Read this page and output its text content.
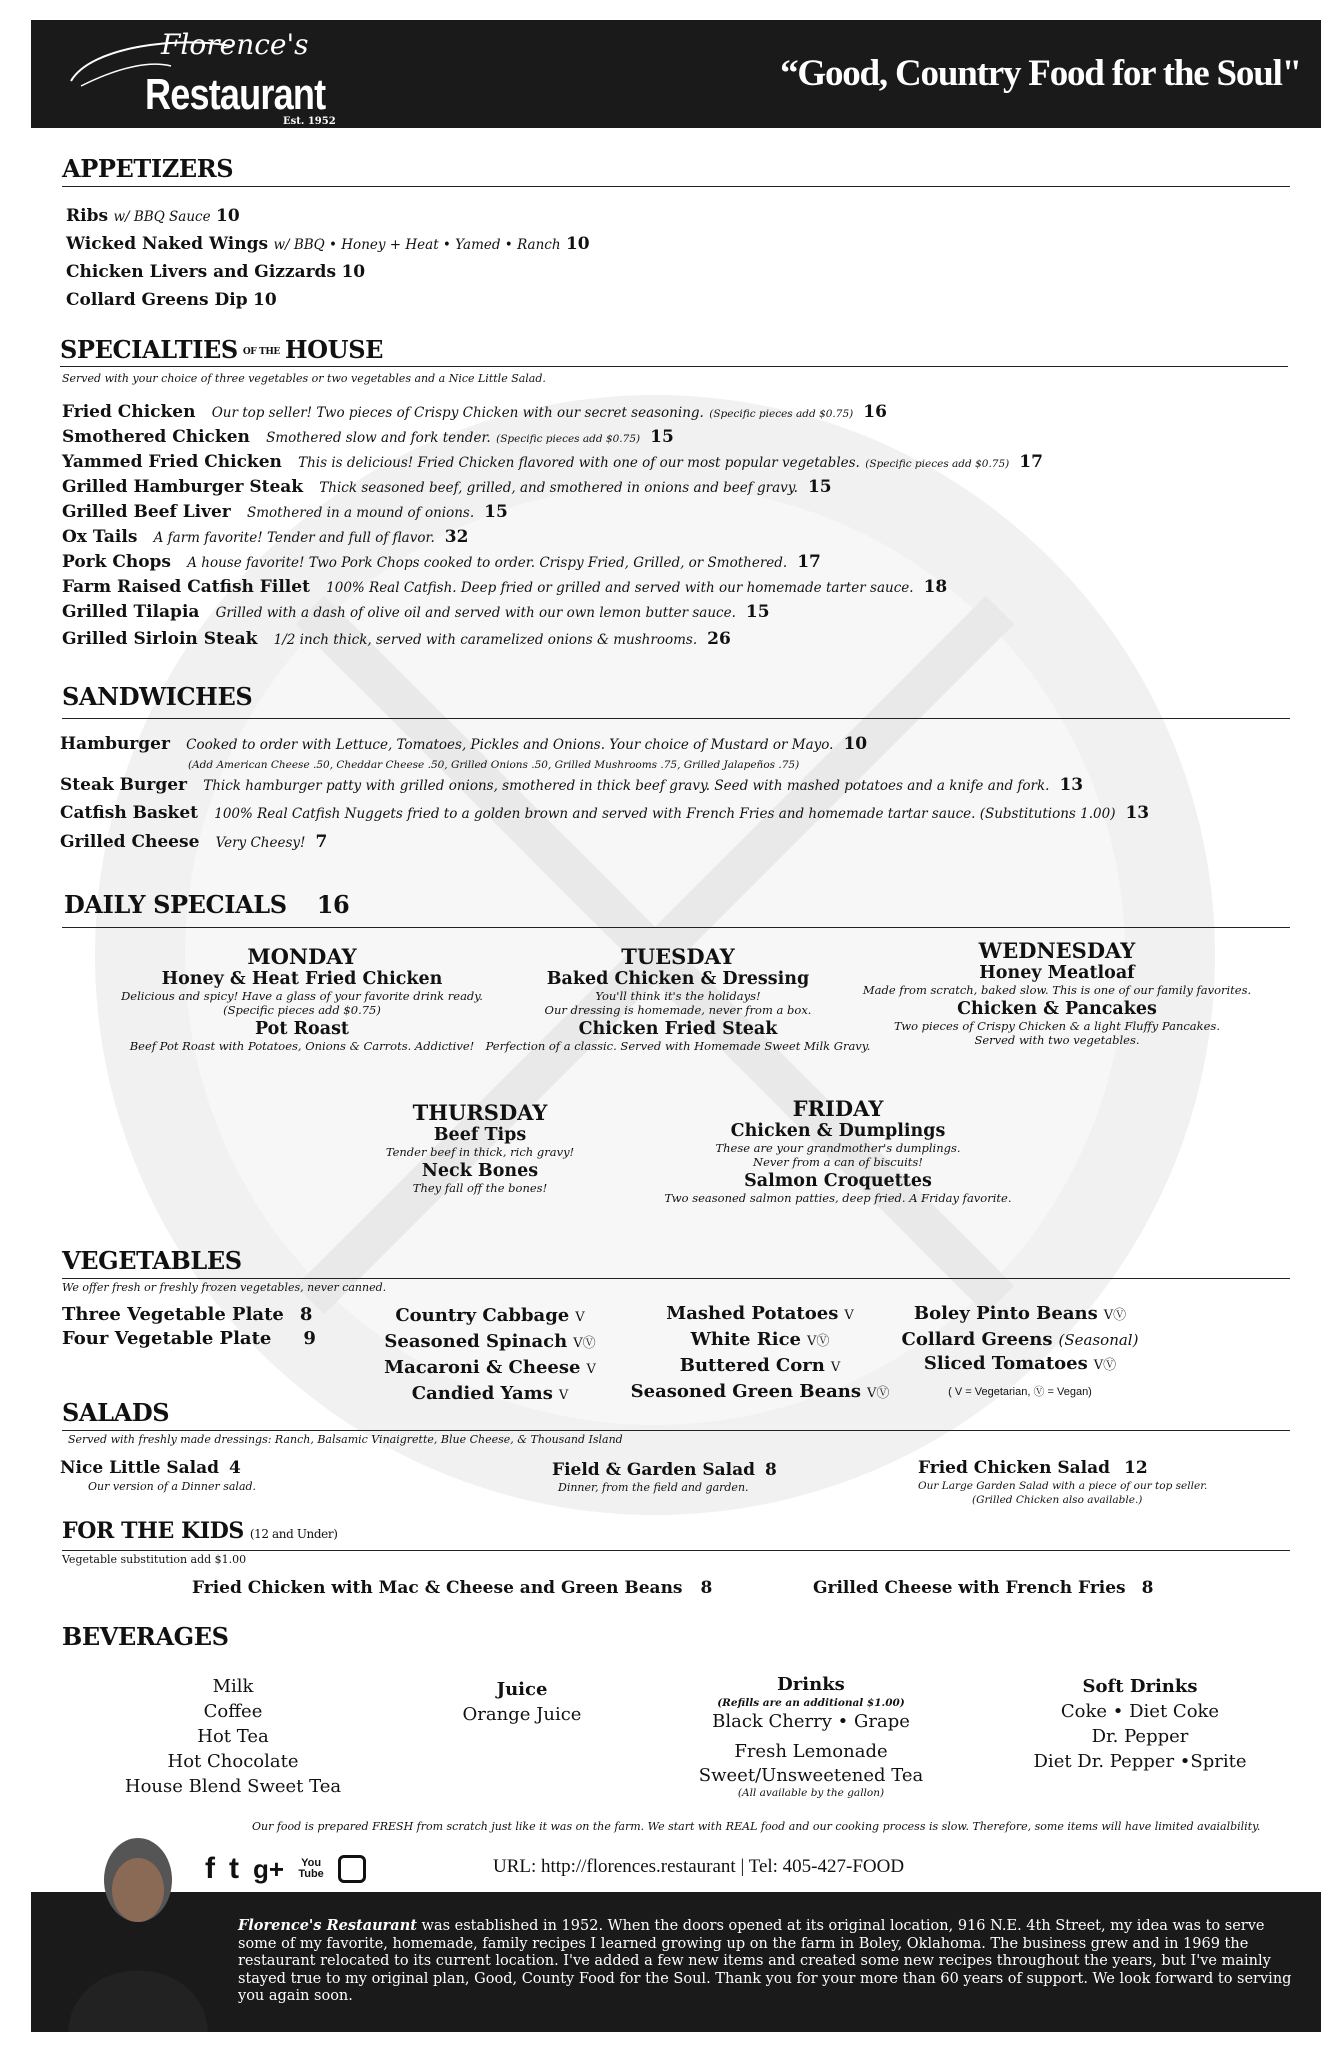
Florence's
Restaurant
Est. 1952
“Good, Country Food for the Soul"
APPETIZERS
Ribs w/ BBQ Sauce 10
Wicked Naked Wings w/ BBQ • Honey + Heat • Yamed • Ranch 10
Chicken Livers and Gizzards 10
Collard Greens Dip 10
SPECIALTIES OF THE HOUSE
Served with your choice of three vegetables or two vegetables and a Nice Little Salad.
Fried Chicken Our top seller! Two pieces of Crispy Chicken with our secret seasoning. (Specific pieces add $0.75) 16
Smothered Chicken Smothered slow and fork tender. (Specific pieces add $0.75) 15
Yammed Fried Chicken This is delicious! Fried Chicken flavored with one of our most popular vegetables. (Specific pieces add $0.75) 17
Grilled Hamburger Steak Thick seasoned beef, grilled, and smothered in onions and beef gravy. 15
Grilled Beef Liver Smothered in a mound of onions. 15
Ox Tails A farm favorite! Tender and full of flavor. 32
Pork Chops A house favorite! Two Pork Chops cooked to order. Crispy Fried, Grilled, or Smothered. 17
Farm Raised Catfish Fillet 100% Real Catfish. Deep fried or grilled and served with our homemade tarter sauce. 18
Grilled Tilapia Grilled with a dash of olive oil and served with our own lemon butter sauce. 15
Grilled Sirloin Steak 1/2 inch thick, served with caramelized onions & mushrooms. 26
SANDWICHES
Hamburger Cooked to order with Lettuce, Tomatoes, Pickles and Onions. Your choice of Mustard or Mayo. 10
(Add American Cheese .50, Cheddar Cheese .50, Grilled Onions .50, Grilled Mushrooms .75, Grilled Jalapeños .75)
Steak Burger Thick hamburger patty with grilled onions, smothered in thick beef gravy. Seed with mashed potatoes and a knife and fork. 13
Catfish Basket 100% Real Catfish Nuggets fried to a golden brown and served with French Fries and homemade tartar sauce. (Substitutions 1.00) 13
Grilled Cheese Very Cheesy! 7
DAILY SPECIALS 16
MONDAY
Honey & Heat Fried Chicken
Delicious and spicy! Have a glass of your favorite drink ready.
(Specific pieces add $0.75)
Pot Roast
Beef Pot Roast with Potatoes, Onions & Carrots. Addictive!
TUESDAY
Baked Chicken & Dressing
You'll think it's the holidays!
Our dressing is homemade, never from a box.
Chicken Fried Steak
Perfection of a classic. Served with Homemade Sweet Milk Gravy.
WEDNESDAY
Honey Meatloaf
Made from scratch, baked slow. This is one of our family favorites.
Chicken & Pancakes
Two pieces of Crispy Chicken & a light Fluffy Pancakes.
Served with two vegetables.
THURSDAY
Beef Tips
Tender beef in thick, rich gravy!
Neck Bones
They fall off the bones!
FRIDAY
Chicken & Dumplings
These are your grandmother's dumplings.
Never from a can of biscuits!
Salmon Croquettes
Two seasoned salmon patties, deep fried. A Friday favorite.
VEGETABLES
We offer fresh or freshly frozen vegetables, never canned.
Three Vegetable Plate 8
Four Vegetable Plate 9
Country Cabbage V
Seasoned Spinach VⓋ
Macaroni & Cheese V
Candied Yams V
Mashed Potatoes V
White Rice VⓋ
Buttered Corn V
Seasoned Green Beans VⓋ
Boley Pinto Beans VⓋ
Collard Greens (Seasonal)
Sliced Tomatoes VⓋ
( V = Vegetarian, Ⓥ = Vegan)
SALADS
Served with freshly made dressings: Ranch, Balsamic Vinaigrette, Blue Cheese, & Thousand Island
Nice Little Salad 4
Our version of a Dinner salad.
Field & Garden Salad 8
Dinner, from the field and garden.
Fried Chicken Salad 12
Our Large Garden Salad with a piece of our top seller.
(Grilled Chicken also available.)
FOR THE KIDS (12 and Under)
Vegetable substitution add $1.00
Fried Chicken with Mac & Cheese and Green Beans 8	Grilled Cheese with French Fries 8
BEVERAGES
Milk
Coffee
Hot Tea
Hot Chocolate
House Blend Sweet Tea
Juice
Orange Juice
Drinks
(Refills are an additional $1.00)
Black Cherry • Grape
Fresh Lemonade
Sweet/Unsweetened Tea
(All available by the gallon)
Soft Drinks
Coke • Diet Coke
Dr. Pepper
Diet Dr. Pepper •Sprite
Our food is prepared FRESH from scratch just like it was on the farm. We start with REAL food and our cooking process is slow. Therefore, some items will have limited avaialbility.
f t g+ You Tube	URL: http://florences.restaurant | Tel: 405-427-FOOD
Florence's Restaurant was established in 1952. When the doors opened at its original location, 916 N.E. 4th Street, my idea was to serve some of my favorite, homemade, family recipes I learned growing up on the farm in Boley, Oklahoma. The business grew and in 1969 the restaurant relocated to its current location. I've added a few new items and created some new recipes throughout the years, but I've mainly stayed true to my original plan, Good, County Food for the Soul. Thank you for your more than 60 years of support. We look forward to serving you again soon.
